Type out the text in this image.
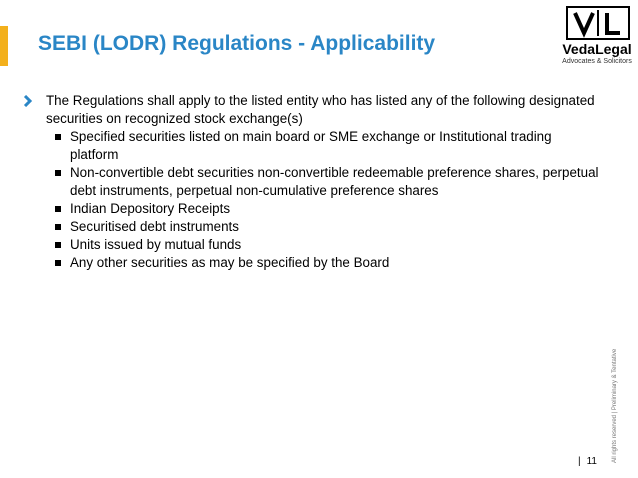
SEBI (LODR) Regulations - Applicability	VedaLegal
Advocates & Solicitors
The Regulations shall apply to the listed entity who has listed any of the following designated securities on recognized stock exchange(s)
Specified securities listed on main board or SME exchange or Institutional trading platform
Non-convertible debt securities non-convertible redeemable preference shares, perpetual debt instruments, perpetual non-cumulative preference shares
Indian Depository Receipts
Securitised debt instruments
Units issued by mutual funds
Any other securities as may be specified by the Board
All rights reserved | Preliminary & Tentative
| 11
